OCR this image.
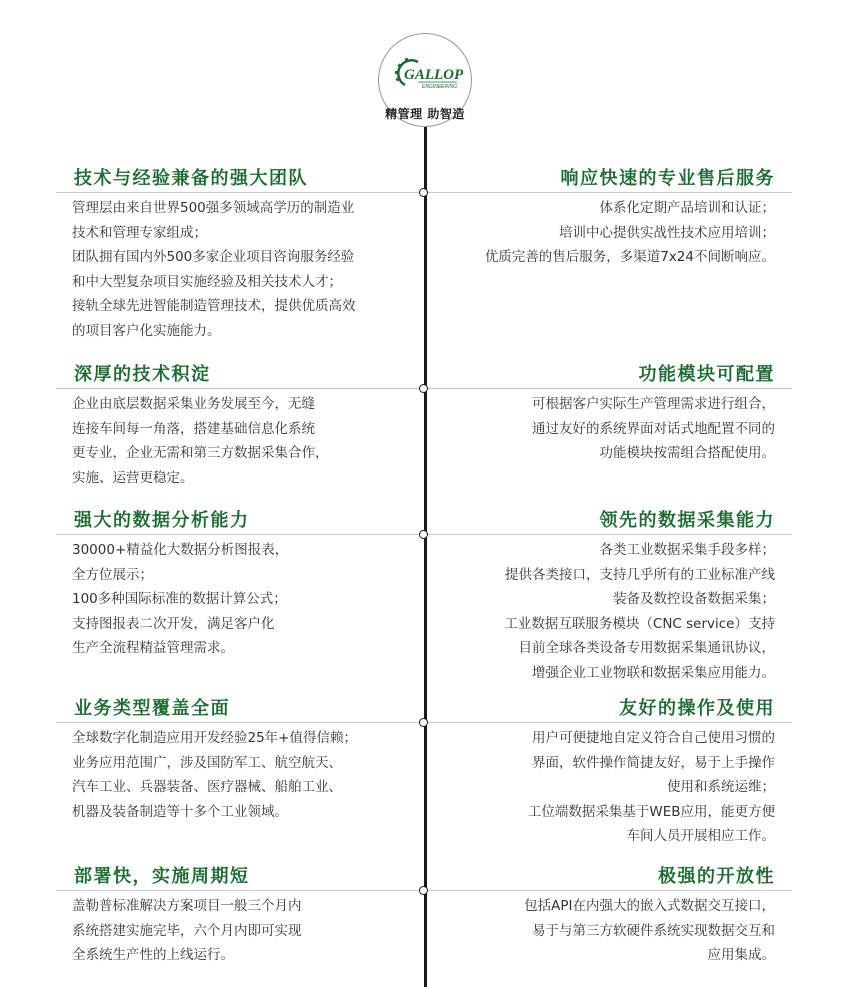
GALLOP
ENGINEERING
精管理 助智造
技术与经验兼备的强大团队
管理层由来自世界500强多领域高学历的制造业
技术和管理专家组成；
团队拥有国内外500多家企业项目咨询服务经验
和中大型复杂项目实施经验及相关技术人才；
接轨全球先进智能制造管理技术，提供优质高效
的项目客户化实施能力。
响应快速的专业售后服务
体系化定期产品培训和认证；
培训中心提供实战性技术应用培训；
优质完善的售后服务，多渠道7x24不间断响应。
深厚的技术积淀
企业由底层数据采集业务发展至今，无缝
连接车间每一角落，搭建基础信息化系统
更专业，企业无需和第三方数据采集合作，
实施、运营更稳定。
功能模块可配置
可根据客户实际生产管理需求进行组合，
通过友好的系统界面对话式地配置不同的
功能模块按需组合搭配使用。
强大的数据分析能力
30000+精益化大数据分析图报表，
全方位展示；
100多种国际标准的数据计算公式；
支持图报表二次开发，满足客户化
生产全流程精益管理需求。
领先的数据采集能力
各类工业数据采集手段多样；
提供各类接口，支持几乎所有的工业标准产线
装备及数控设备数据采集；
工业数据互联服务模块（CNC service）支持
目前全球各类设备专用数据采集通讯协议，
增强企业工业物联和数据采集应用能力。
业务类型覆盖全面
全球数字化制造应用开发经验25年+值得信赖；
业务应用范围广，涉及国防军工、航空航天、
汽车工业、兵器装备、医疗器械、船舶工业、
机器及装备制造等十多个工业领域。
友好的操作及使用
用户可便捷地自定义符合自己使用习惯的
界面，软件操作简捷友好，易于上手操作
使用和系统运维；
工位端数据采集基于WEB应用，能更方便
车间人员开展相应工作。
部署快，实施周期短
盖勒普标准解决方案项目一般三个月内
系统搭建实施完毕，六个月内即可实现
全系统生产性的上线运行。
极强的开放性
包括API在内强大的嵌入式数据交互接口，
易于与第三方软硬件系统实现数据交互和
应用集成。
